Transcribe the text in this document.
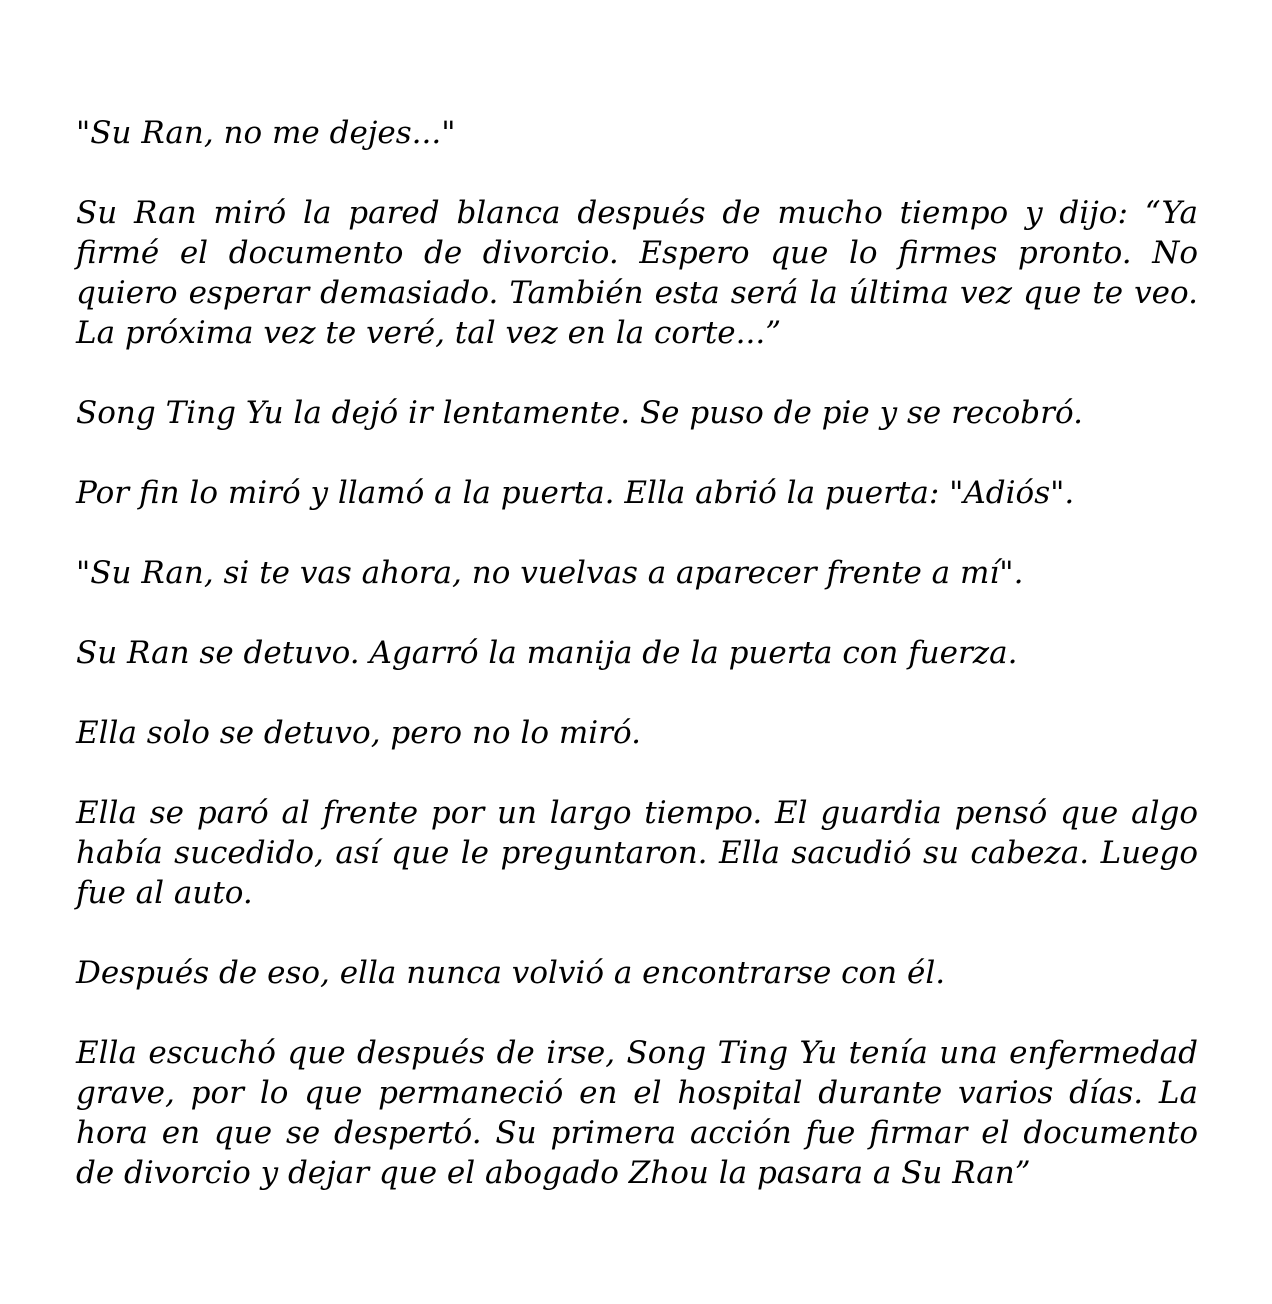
"Su Ran, no me dejes..."

Su Ran miró la pared blanca después de mucho tiempo y dijo: “Ya firmé el documento de divorcio. Espero que lo firmes pronto. No quiero esperar demasiado. También esta será la última vez que te veo. La próxima vez te veré, tal vez en la corte...”

Song Ting Yu la dejó ir lentamente. Se puso de pie y se recobró.

Por fin lo miró y llamó a la puerta. Ella abrió la puerta: "Adiós".

"Su Ran, si te vas ahora, no vuelvas a aparecer frente a mí".

Su Ran se detuvo. Agarró la manija de la puerta con fuerza.

Ella solo se detuvo, pero no lo miró.

Ella se paró al frente por un largo tiempo. El guardia pensó que algo había sucedido, así que le preguntaron. Ella sacudió su cabeza. Luego fue al auto.

Después de eso, ella nunca volvió a encontrarse con él.

Ella escuchó que después de irse, Song Ting Yu tenía una enfermedad grave, por lo que permaneció en el hospital durante varios días. La hora en que se despertó. Su primera acción fue firmar el documento de divorcio y dejar que el abogado Zhou la pasara a Su Ran”
